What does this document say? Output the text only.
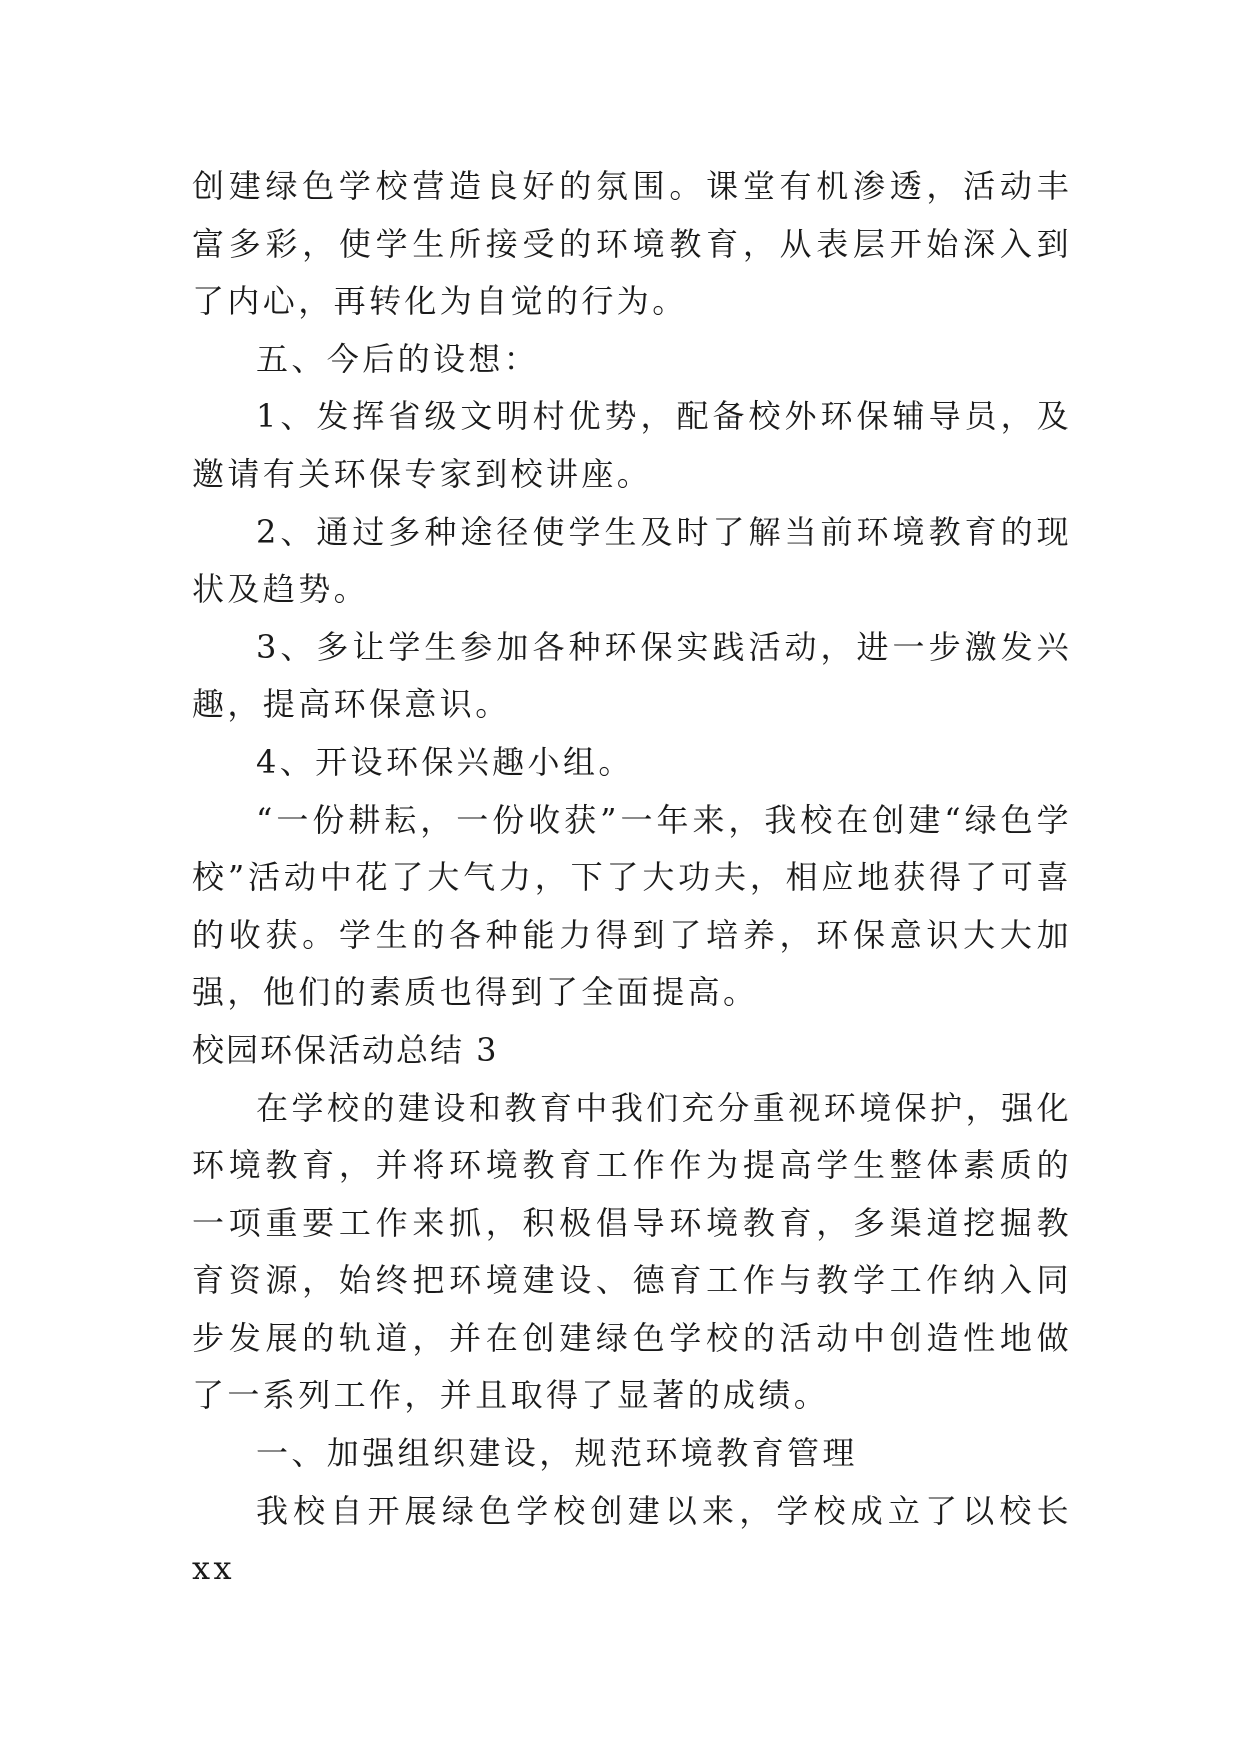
创建绿色学校营造良好的氛围。课堂有机渗透，活动丰富多彩，使学生所接受的环境教育，从表层开始深入到了内心，再转化为自觉的行为。

五、今后的设想：

1、发挥省级文明村优势，配备校外环保辅导员，及邀请有关环保专家到校讲座。

2、通过多种途径使学生及时了解当前环境教育的现状及趋势。

3、多让学生参加各种环保实践活动，进一步激发兴趣，提高环保意识。

4、开设环保兴趣小组。

“一份耕耘，一份收获”一年来，我校在创建“绿色学校”活动中花了大气力，下了大功夫，相应地获得了可喜的收获。学生的各种能力得到了培养，环保意识大大加强，他们的素质也得到了全面提高。

校园环保活动总结 3

在学校的建设和教育中我们充分重视环境保护，强化环境教育，并将环境教育工作作为提高学生整体素质的一项重要工作来抓，积极倡导环境教育，多渠道挖掘教育资源，始终把环境建设、德育工作与教学工作纳入同步发展的轨道，并在创建绿色学校的活动中创造性地做了一系列工作，并且取得了显著的成绩。

一、加强组织建设，规范环境教育管理

我校自开展绿色学校创建以来，学校成立了以校长 xx
